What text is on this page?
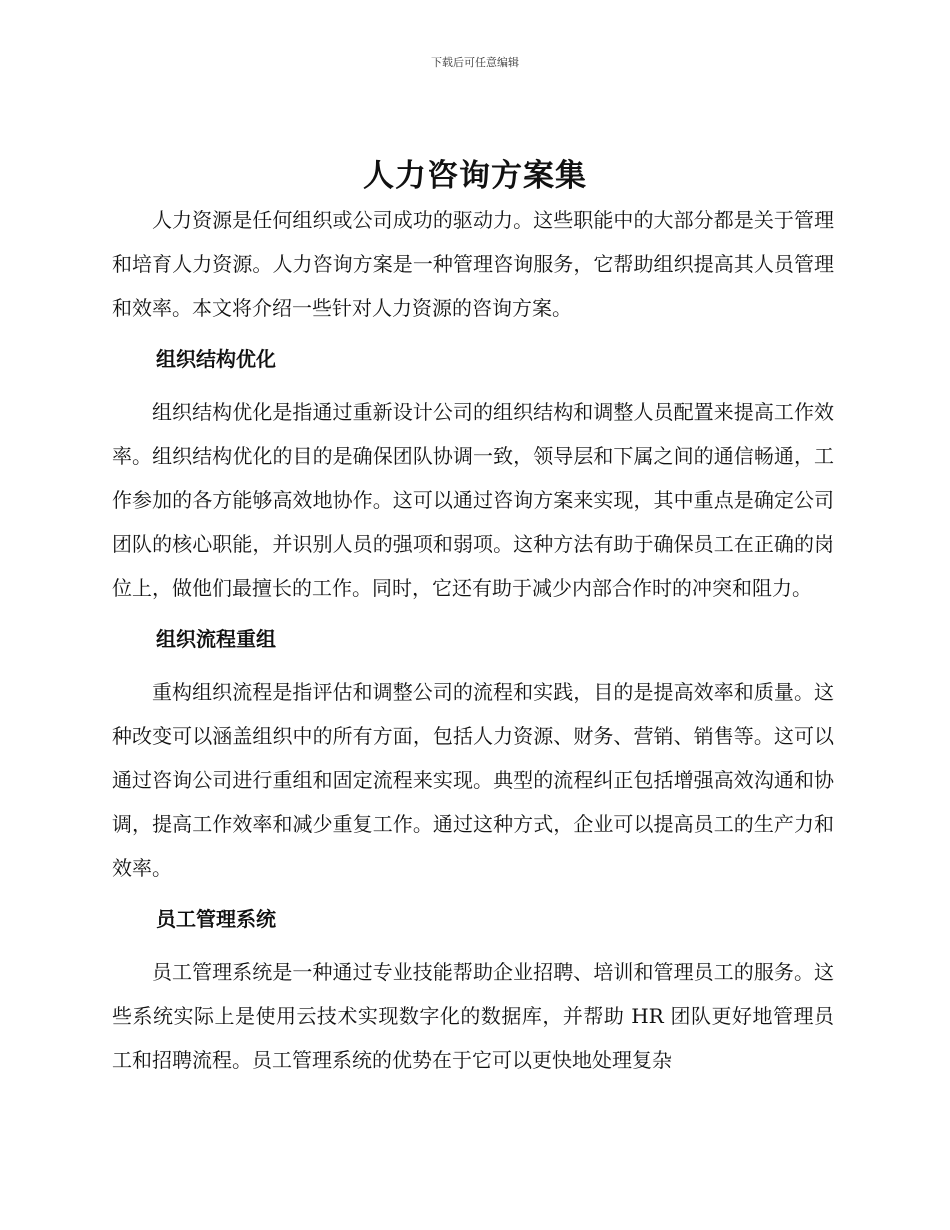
下载后可任意编辑
人力咨询方案集

人力资源是任何组织或公司成功的驱动力。这些职能中的大部分都是关于管理和培育人力资源。人力咨询方案是一种管理咨询服务，它帮助组织提高其人员管理和效率。本文将介绍一些针对人力资源的咨询方案。

组织结构优化

组织结构优化是指通过重新设计公司的组织结构和调整人员配置来提高工作效率。组织结构优化的目的是确保团队协调一致，领导层和下属之间的通信畅通，工作参加的各方能够高效地协作。这可以通过咨询方案来实现，其中重点是确定公司团队的核心职能，并识别人员的强项和弱项。这种方法有助于确保员工在正确的岗位上，做他们最擅长的工作。同时，它还有助于减少内部合作时的冲突和阻力。

组织流程重组

重构组织流程是指评估和调整公司的流程和实践，目的是提高效率和质量。这种改变可以涵盖组织中的所有方面，包括人力资源、财务、营销、销售等。这可以通过咨询公司进行重组和固定流程来实现。典型的流程纠正包括增强高效沟通和协调，提高工作效率和减少重复工作。通过这种方式，企业可以提高员工的生产力和效率。

员工管理系统

员工管理系统是一种通过专业技能帮助企业招聘、培训和管理员工的服务。这些系统实际上是使用云技术实现数字化的数据库，并帮助 HR 团队更好地管理员工和招聘流程。员工管理系统的优势在于它可以更快地处理复杂
